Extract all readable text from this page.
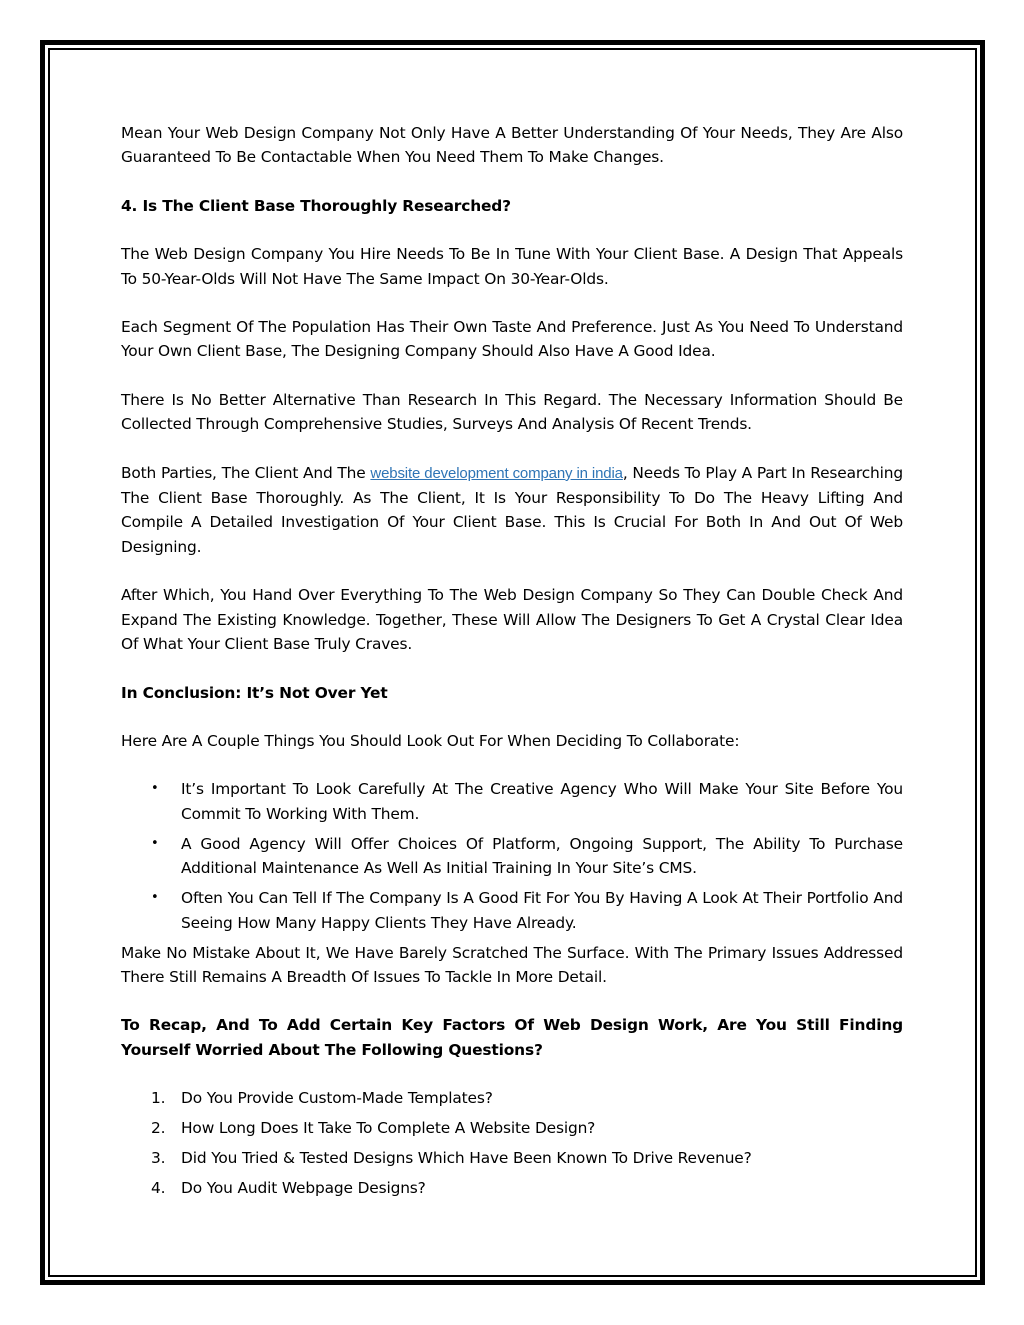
Mean Your Web Design Company Not Only Have A Better Understanding Of Your Needs, They Are Also Guaranteed To Be Contactable When You Need Them To Make Changes.

4. Is The Client Base Thoroughly Researched?

The Web Design Company You Hire Needs To Be In Tune With Your Client Base. A Design That Appeals To 50-Year-Olds Will Not Have The Same Impact On 30-Year-Olds.

Each Segment Of The Population Has Their Own Taste And Preference. Just As You Need To Understand Your Own Client Base, The Designing Company Should Also Have A Good Idea.

There Is No Better Alternative Than Research In This Regard. The Necessary Information Should Be Collected Through Comprehensive Studies, Surveys And Analysis Of Recent Trends.

Both Parties, The Client And The website development company in india, Needs To Play A Part In Researching The Client Base Thoroughly. As The Client, It Is Your Responsibility To Do The Heavy Lifting And Compile A Detailed Investigation Of Your Client Base. This Is Crucial For Both In And Out Of Web Designing.

After Which, You Hand Over Everything To The Web Design Company So They Can Double Check And Expand The Existing Knowledge. Together, These Will Allow The Designers To Get A Crystal Clear Idea Of What Your Client Base Truly Craves.

In Conclusion: It’s Not Over Yet

Here Are A Couple Things You Should Look Out For When Deciding To Collaborate:

• It’s Important To Look Carefully At The Creative Agency Who Will Make Your Site Before You Commit To Working With Them.
• A Good Agency Will Offer Choices Of Platform, Ongoing Support, The Ability To Purchase Additional Maintenance As Well As Initial Training In Your Site’s CMS.
• Often You Can Tell If The Company Is A Good Fit For You By Having A Look At Their Portfolio And Seeing How Many Happy Clients They Have Already.

Make No Mistake About It, We Have Barely Scratched The Surface. With The Primary Issues Addressed There Still Remains A Breadth Of Issues To Tackle In More Detail.

To Recap, And To Add Certain Key Factors Of Web Design Work, Are You Still Finding Yourself Worried About The Following Questions?

1. Do You Provide Custom-Made Templates?
2. How Long Does It Take To Complete A Website Design?
3. Did You Tried & Tested Designs Which Have Been Known To Drive Revenue?
4. Do You Audit Webpage Designs?
